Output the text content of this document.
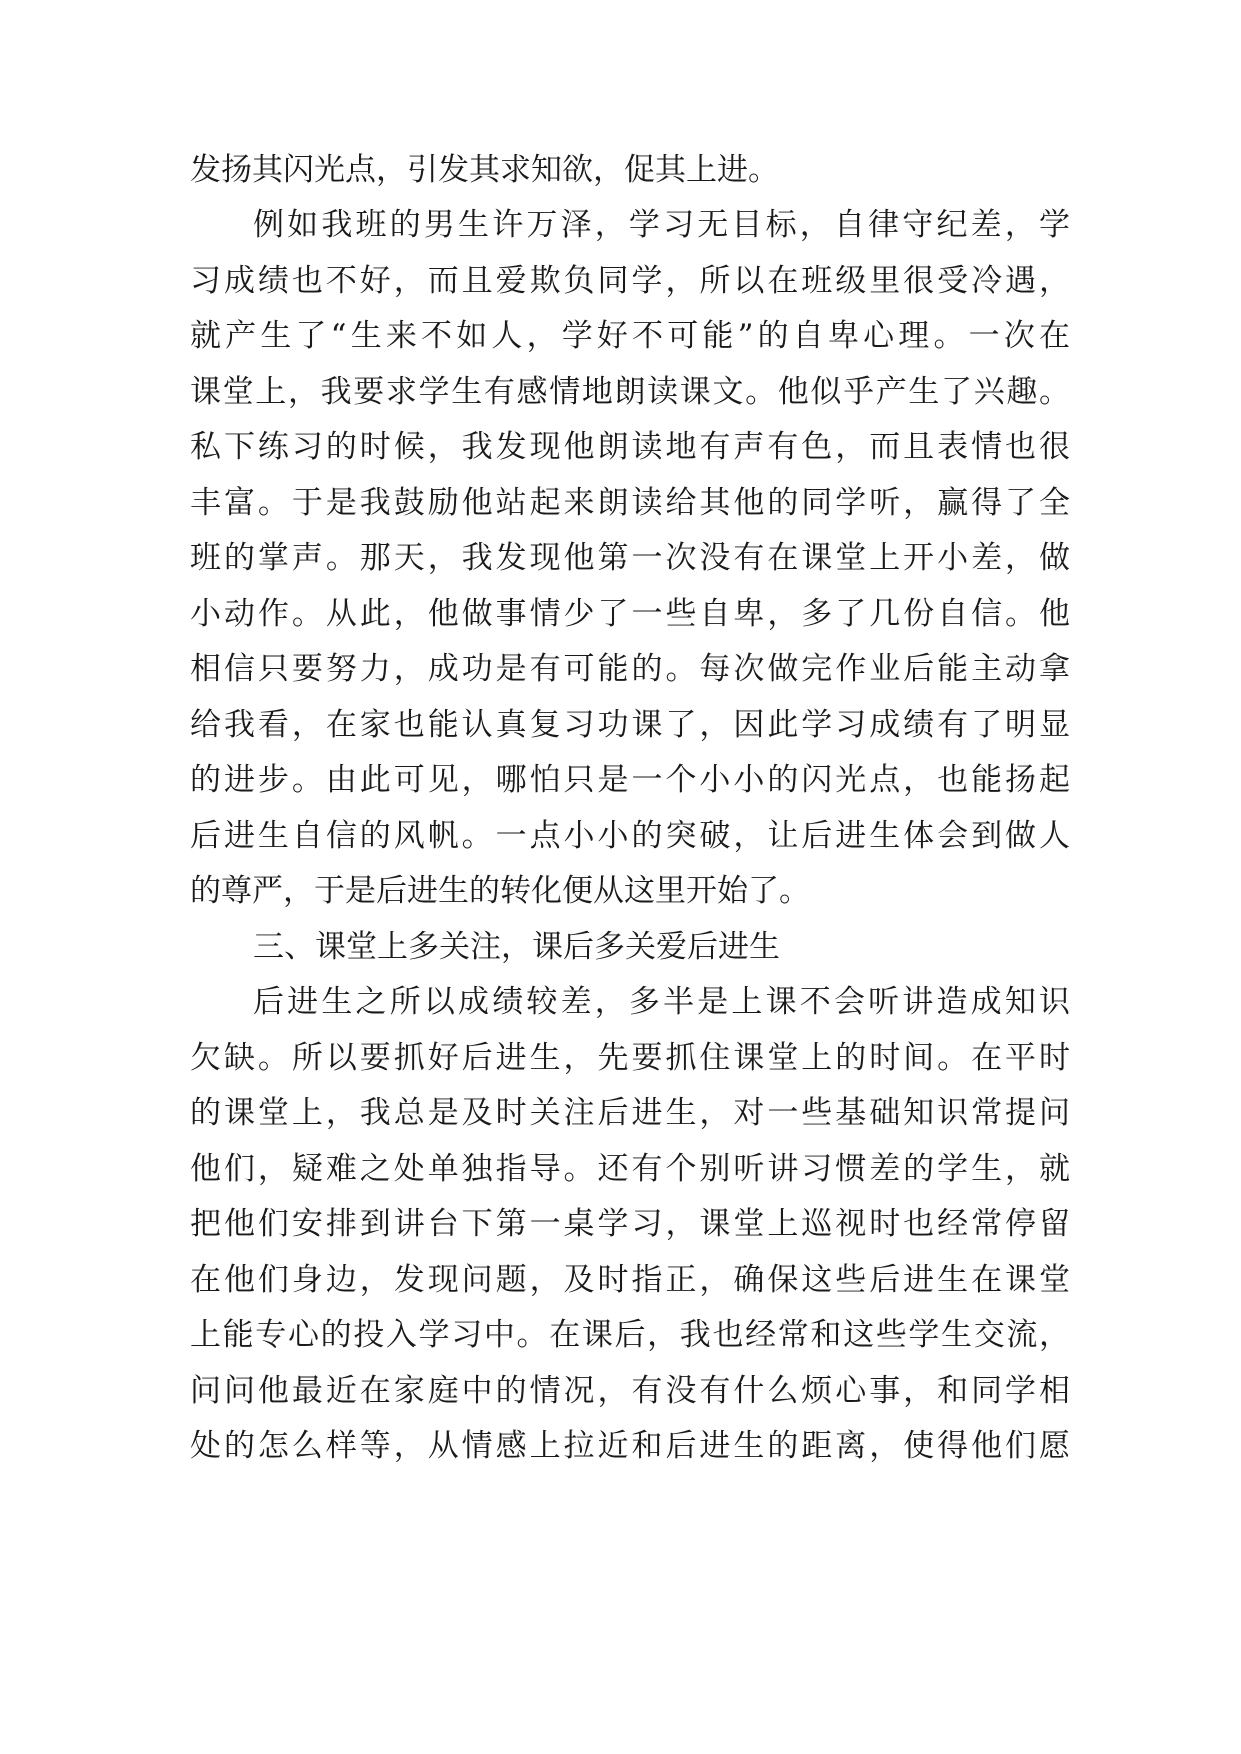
发扬其闪光点，引发其求知欲，促其上进。
例如我班的男生许万泽，学习无目标，自律守纪差，学
习成绩也不好，而且爱欺负同学，所以在班级里很受冷遇，
就产生了“生来不如人，学好不可能”的自卑心理。一次在
课堂上，我要求学生有感情地朗读课文。他似乎产生了兴趣。
私下练习的时候，我发现他朗读地有声有色，而且表情也很
丰富。于是我鼓励他站起来朗读给其他的同学听，赢得了全
班的掌声。那天，我发现他第一次没有在课堂上开小差，做
小动作。从此，他做事情少了一些自卑，多了几份自信。他
相信只要努力，成功是有可能的。每次做完作业后能主动拿
给我看，在家也能认真复习功课了，因此学习成绩有了明显
的进步。由此可见，哪怕只是一个小小的闪光点，也能扬起
后进生自信的风帆。一点小小的突破，让后进生体会到做人
的尊严，于是后进生的转化便从这里开始了。
三、课堂上多关注，课后多关爱后进生
后进生之所以成绩较差，多半是上课不会听讲造成知识
欠缺。所以要抓好后进生，先要抓住课堂上的时间。在平时
的课堂上，我总是及时关注后进生，对一些基础知识常提问
他们，疑难之处单独指导。还有个别听讲习惯差的学生，就
把他们安排到讲台下第一桌学习，课堂上巡视时也经常停留
在他们身边，发现问题，及时指正，确保这些后进生在课堂
上能专心的投入学习中。在课后，我也经常和这些学生交流，
问问他最近在家庭中的情况，有没有什么烦心事，和同学相
处的怎么样等，从情感上拉近和后进生的距离，使得他们愿
